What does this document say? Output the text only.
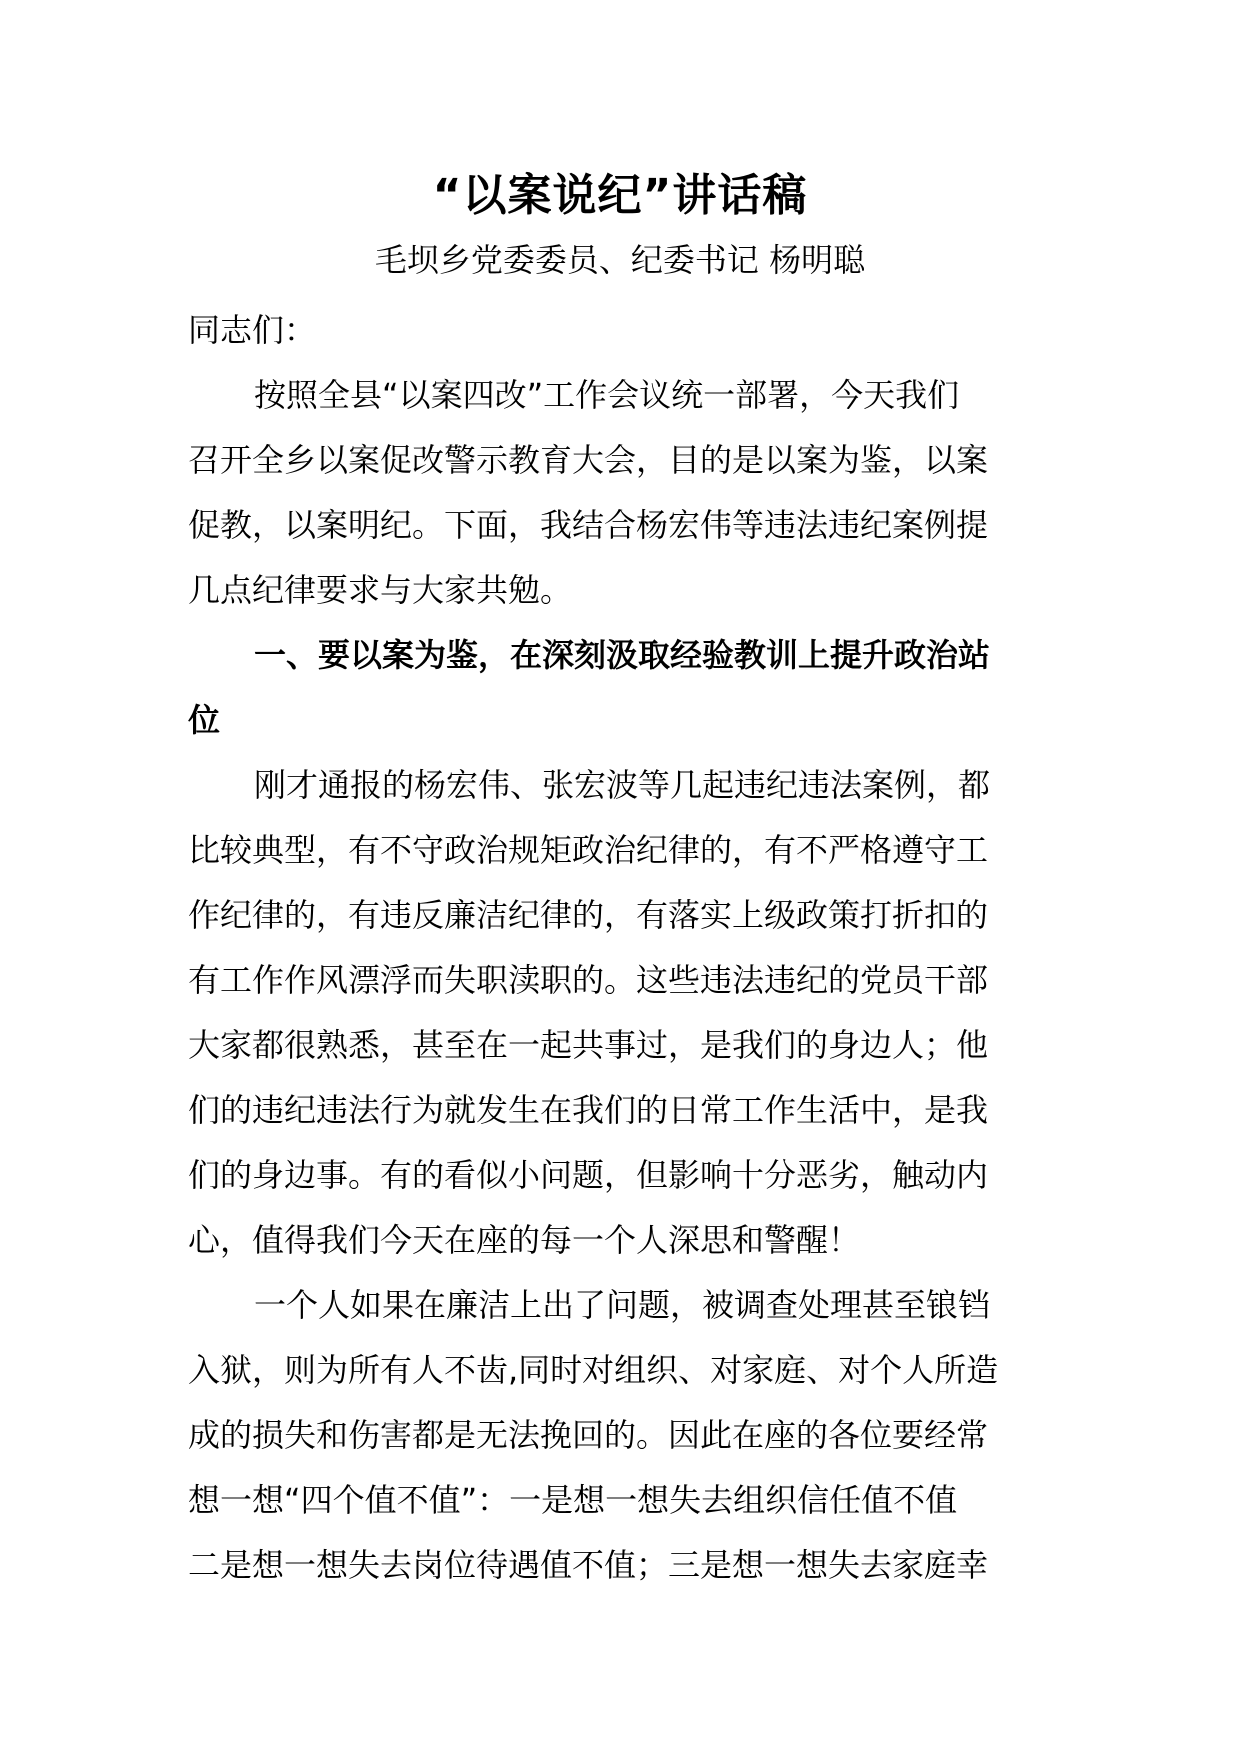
“以案说纪”讲话稿
毛坝乡党委委员、纪委书记 杨明聪
同志们：
按照全县“以案四改”工作会议统一部署，今天我们
召开全乡以案促改警示教育大会，目的是以案为鉴，以案
促教，以案明纪。下面，我结合杨宏伟等违法违纪案例提
几点纪律要求与大家共勉。
一、要以案为鉴，在深刻汲取经验教训上提升政治站
位
刚才通报的杨宏伟、张宏波等几起违纪违法案例，都
比较典型，有不守政治规矩政治纪律的，有不严格遵守工
作纪律的，有违反廉洁纪律的，有落实上级政策打折扣的
有工作作风漂浮而失职渎职的。这些违法违纪的党员干部
大家都很熟悉，甚至在一起共事过，是我们的身边人；他
们的违纪违法行为就发生在我们的日常工作生活中，是我
们的身边事。有的看似小问题，但影响十分恶劣，触动内
心，值得我们今天在座的每一个人深思和警醒！
一个人如果在廉洁上出了问题，被调查处理甚至锒铛
入狱，则为所有人不齿,同时对组织、对家庭、对个人所造
成的损失和伤害都是无法挽回的。因此在座的各位要经常
想一想“四个值不值”：一是想一想失去组织信任值不值
二是想一想失去岗位待遇值不值；三是想一想失去家庭幸
